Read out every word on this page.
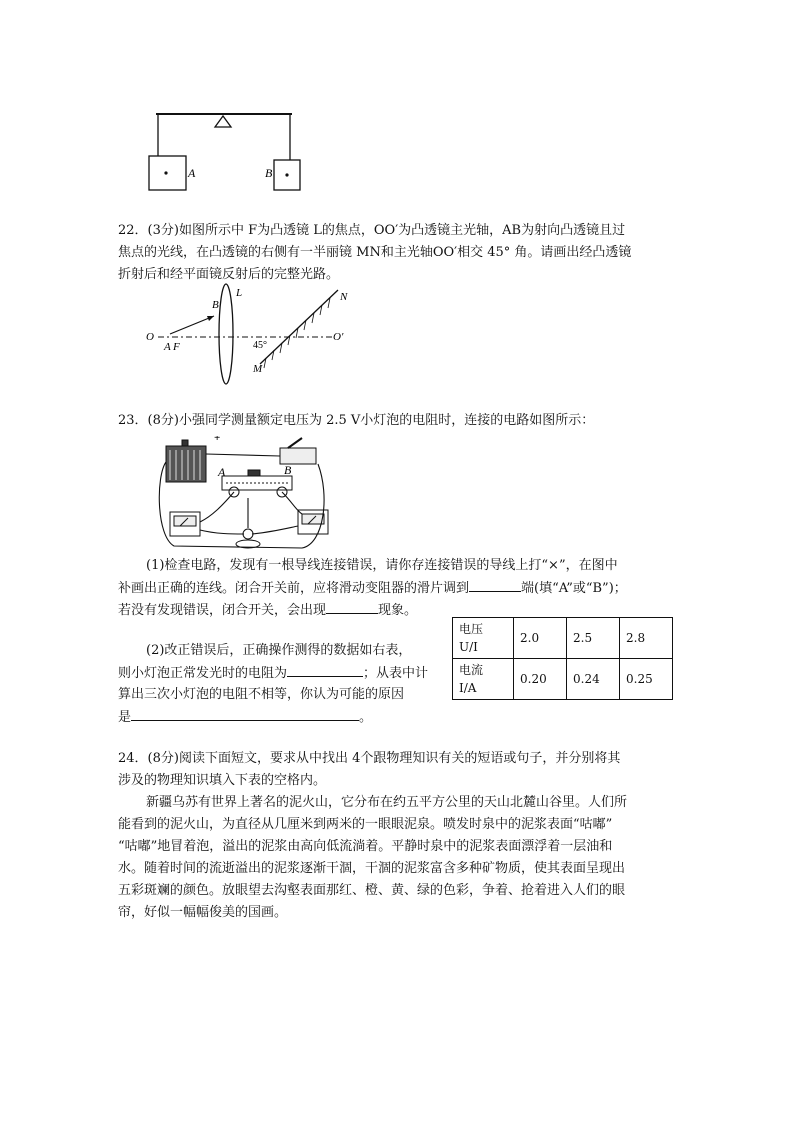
A	B
22．(3分)如图所示中 F为凸透镜 L的焦点，OO′为凸透镜主光轴，AB为射向凸透镜且过
焦点的光线，在凸透镜的右侧有一半丽镜 MN和主光轴OO′相交 45° 角。请画出经凸透镜
折射后和经平面镜反射后的完整光路。
O
A F
B
L	N
M
O′
45°
23．(8分)小强同学测量额定电压为 2.5 V小灯泡的电阻时，连接的电路如图所示：
+
A	B
(1)检查电路，发现有一根导线连接错误，请你存连接错误的导线上打“×”，在图中
补画出正确的连线。闭合开关前，应将滑动变阻器的滑片调到	端(填“A”或“B”)；
若没有发现错误，闭合开关，会出现	现象。
(2)改正错误后，正确操作测得的数据如右表，
则小灯泡正常发光时的电阻为	；从表中计
算出三次小灯泡的电阻不相等，你认为可能的原因
是	。
电压
U/I	2.0	2.5	2.8
电流
I/A	0.20	0.24	0.25
24．(8分)阅读下面短文，要求从中找出 4个跟物理知识有关的短语或句子，并分别将其
涉及的物理知识填入下表的空格内。
新疆乌苏有世界上著名的泥火山，它分布在约五平方公里的天山北麓山谷里。人们所
能看到的泥火山，为直径从几厘米到两米的一眼眼泥泉。喷发时泉中的泥浆表面“咕嘟”
“咕嘟”地冒着泡，溢出的泥浆由高向低流淌着。平静时泉中的泥浆表面漂浮着一层油和
水。随着时间的流逝溢出的泥浆逐渐干涸，干涸的泥浆富含多种矿物质，使其表面呈现出
五彩斑斓的颜色。放眼望去沟壑表面那红、橙、黄、绿的色彩，争着、抢着进入人们的眼
帘，好似一幅幅俊美的国画。
